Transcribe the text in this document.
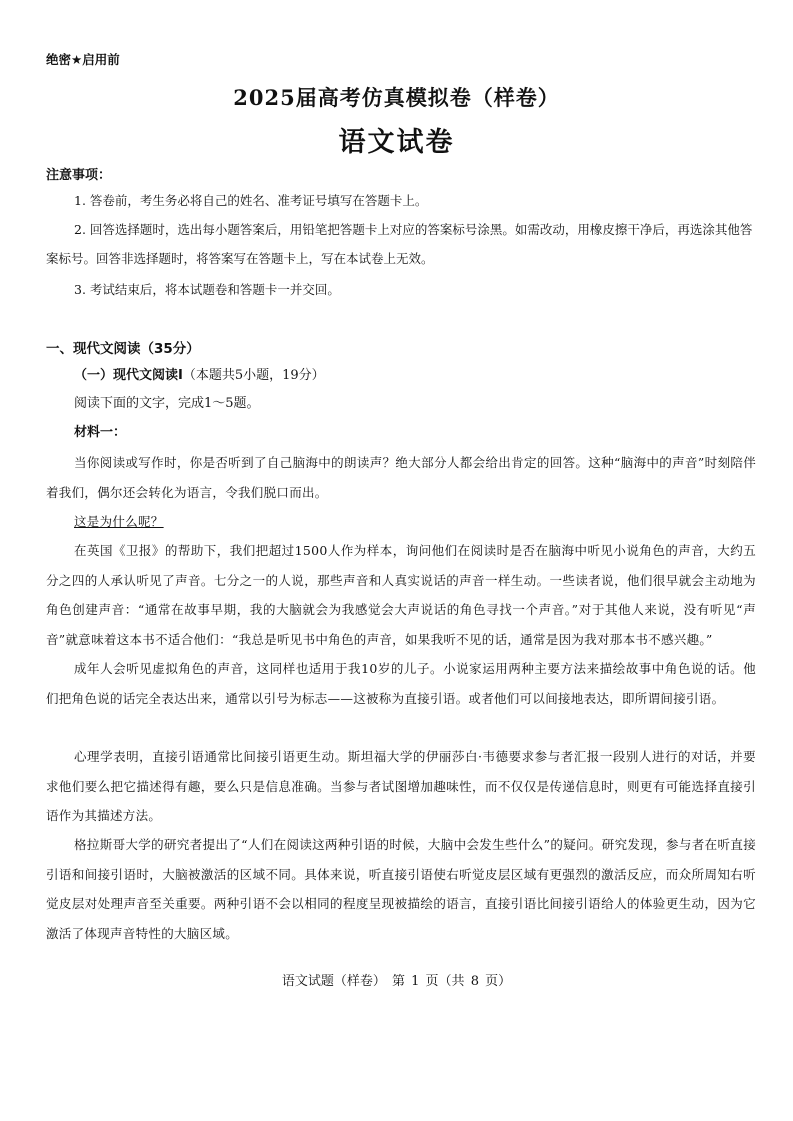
绝密★启用前
2025届高考仿真模拟卷（样卷）
语文试卷
注意事项：
1. 答卷前，考生务必将自己的姓名、准考证号填写在答题卡上。
2. 回答选择题时，选出每小题答案后，用铅笔把答题卡上对应的答案标号涂黑。如需改动，用橡皮擦干净后，再选涂其他答案标号。回答非选择题时，将答案写在答题卡上，写在本试卷上无效。
3. 考试结束后，将本试题卷和答题卡一并交回。
一、现代文阅读（35分）
（一）现代文阅读Ⅰ（本题共5小题，19分）
阅读下面的文字，完成1～5题。
材料一：
当你阅读或写作时，你是否听到了自己脑海中的朗读声？绝大部分人都会给出肯定的回答。这种“脑海中的声音”时刻陪伴着我们，偶尔还会转化为语言，令我们脱口而出。
这是为什么呢？
在英国《卫报》的帮助下，我们把超过1500人作为样本，询问他们在阅读时是否在脑海中听见小说角色的声音，大约五分之四的人承认听见了声音。七分之一的人说，那些声音和人真实说话的声音一样生动。一些读者说，他们很早就会主动地为角色创建声音：“通常在故事早期，我的大脑就会为我感觉会大声说话的角色寻找一个声音。”对于其他人来说，没有听见“声音”就意味着这本书不适合他们：“我总是听见书中角色的声音，如果我听不见的话，通常是因为我对那本书不感兴趣。”
成年人会听见虚拟角色的声音，这同样也适用于我10岁的儿子。小说家运用两种主要方法来描绘故事中角色说的话。他们把角色说的话完全表达出来，通常以引号为标志——这被称为直接引语。或者他们可以间接地表达，即所谓间接引语。
心理学表明，直接引语通常比间接引语更生动。斯坦福大学的伊丽莎白·韦德要求参与者汇报一段别人进行的对话，并要求他们要么把它描述得有趣，要么只是信息准确。当参与者试图增加趣味性，而不仅仅是传递信息时，则更有可能选择直接引语作为其描述方法。
格拉斯哥大学的研究者提出了“人们在阅读这两种引语的时候，大脑中会发生些什么”的疑问。研究发现，参与者在听直接引语和间接引语时，大脑被激活的区域不同。具体来说，听直接引语使右听觉皮层区域有更强烈的激活反应，而众所周知右听觉皮层对处理声音至关重要。两种引语不会以相同的程度呈现被描绘的语言，直接引语比间接引语给人的体验更生动，因为它激活了体现声音特性的大脑区域。
语文试题（样卷） 第 1 页（共 8 页）
